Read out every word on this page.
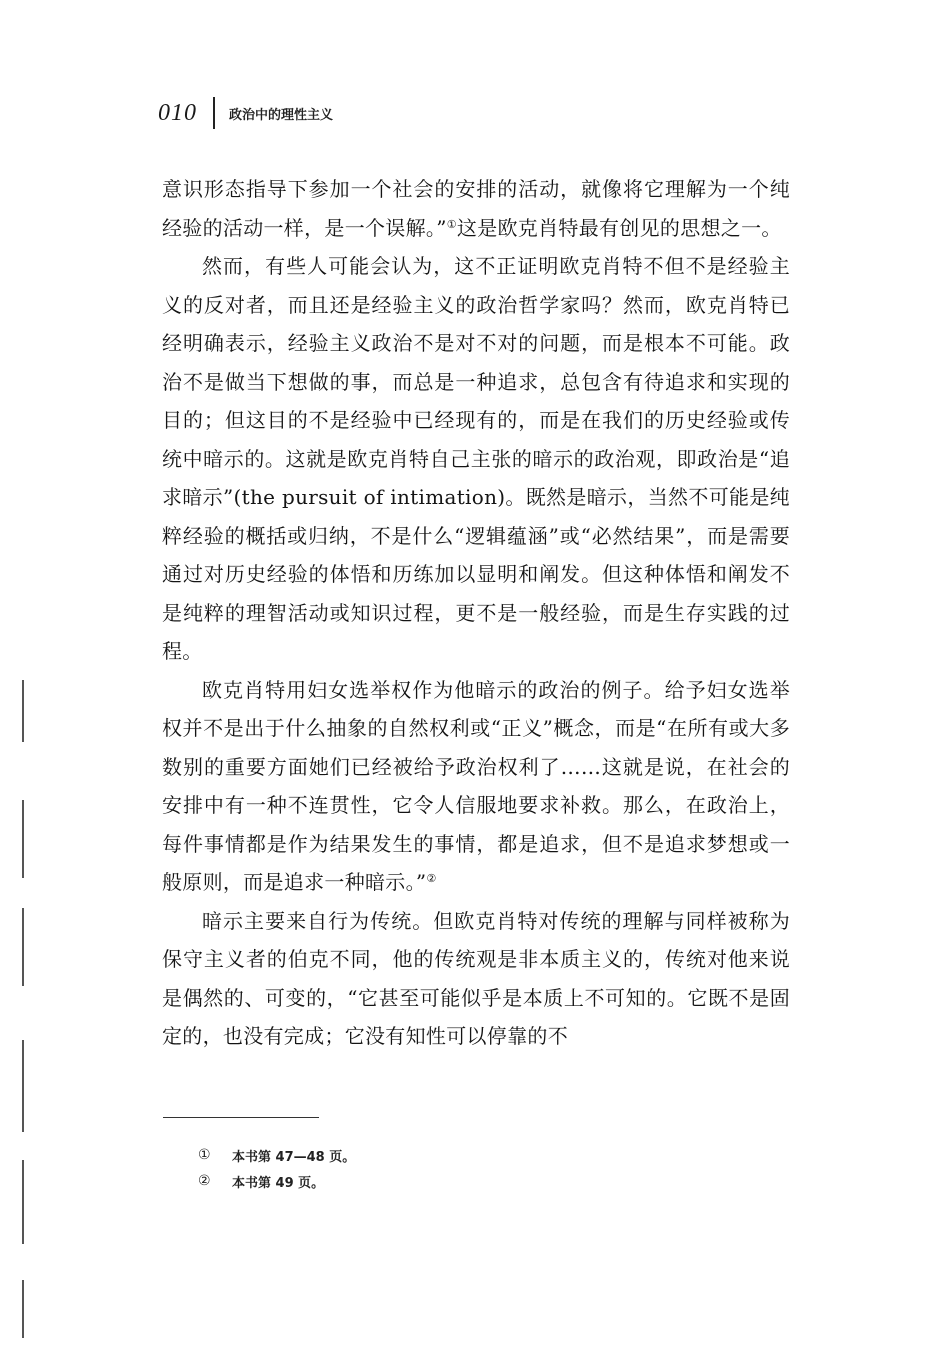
010 政治中的理性主义

意识形态指导下参加一个社会的安排的活动，就像将它理解为一个纯经验的活动一样，是一个误解。”①这是欧克肖特最有创见的思想之一。

然而，有些人可能会认为，这不正证明欧克肖特不但不是经验主义的反对者，而且还是经验主义的政治哲学家吗？然而，欧克肖特已经明确表示，经验主义政治不是对不对的问题，而是根本不可能。政治不是做当下想做的事，而总是一种追求，总包含有待追求和实现的目的；但这目的不是经验中已经现有的，而是在我们的历史经验或传统中暗示的。这就是欧克肖特自己主张的暗示的政治观，即政治是“追求暗示”(the pursuit of intimation)。既然是暗示，当然不可能是纯粹经验的概括或归纳，不是什么“逻辑蕴涵”或“必然结果”，而是需要通过对历史经验的体悟和历练加以显明和阐发。但这种体悟和阐发不是纯粹的理智活动或知识过程，更不是一般经验，而是生存实践的过程。

欧克肖特用妇女选举权作为他暗示的政治的例子。给予妇女选举权并不是出于什么抽象的自然权利或“正义”概念，而是“在所有或大多数别的重要方面她们已经被给予政治权利了……这就是说，在社会的安排中有一种不连贯性，它令人信服地要求补救。那么，在政治上，每件事情都是作为结果发生的事情，都是追求，但不是追求梦想或一般原则，而是追求一种暗示。”②

暗示主要来自行为传统。但欧克肖特对传统的理解与同样被称为保守主义者的伯克不同，他的传统观是非本质主义的，传统对他来说是偶然的、可变的，“它甚至可能似乎是本质上不可知的。它既不是固定的，也没有完成；它没有知性可以停靠的不

①	本书第 47—48 页。
②	本书第 49 页。
